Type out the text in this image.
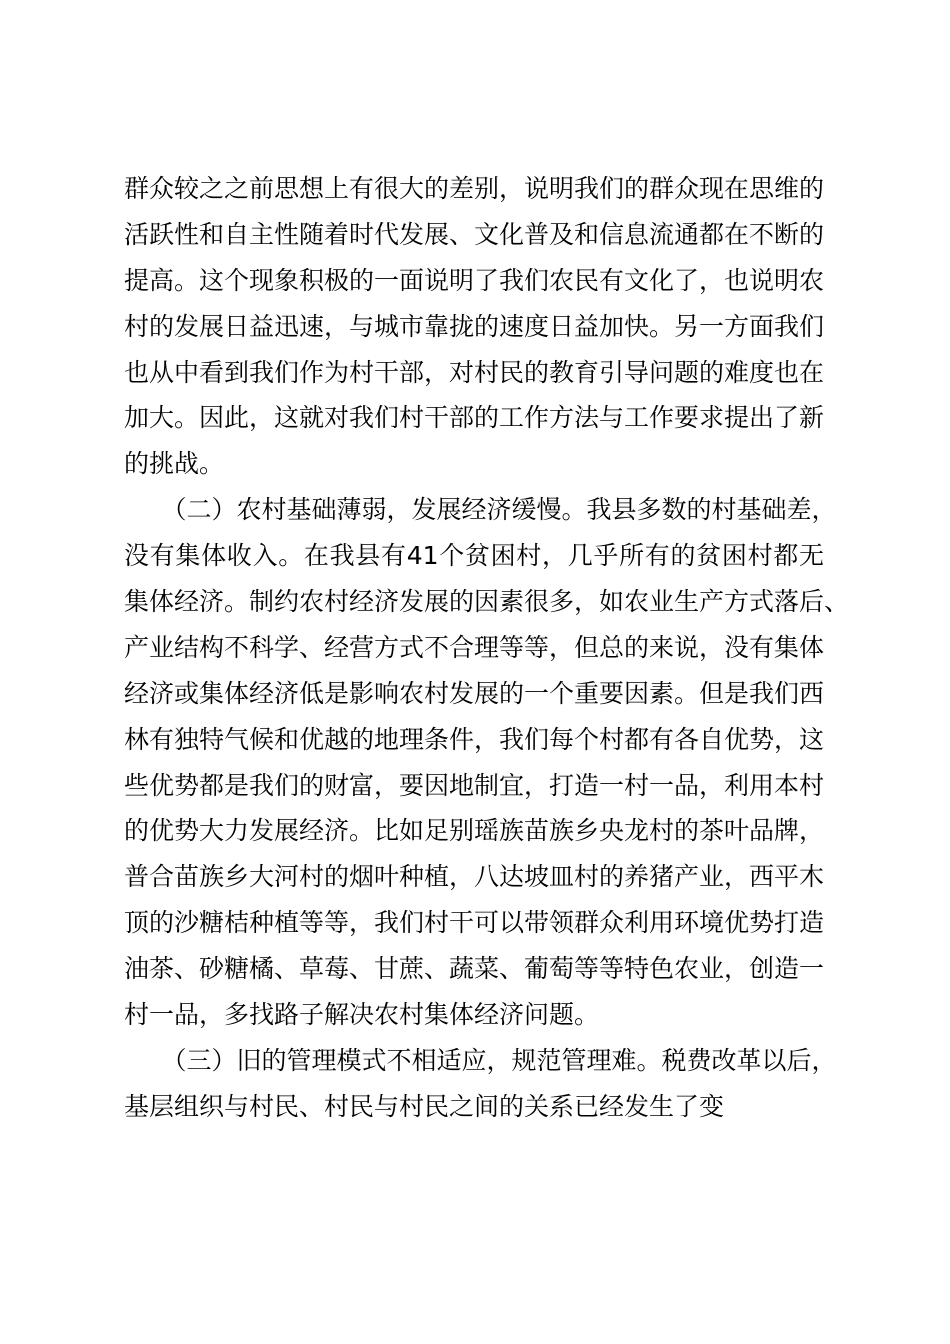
群众较之之前思想上有很大的差别，说明我们的群众现在思维的
活跃性和自主性随着时代发展、文化普及和信息流通都在不断的
提高。这个现象积极的一面说明了我们农民有文化了，也说明农
村的发展日益迅速，与城市靠拢的速度日益加快。另一方面我们
也从中看到我们作为村干部，对村民的教育引导问题的难度也在
加大。因此，这就对我们村干部的工作方法与工作要求提出了新
的挑战。
　　（二）农村基础薄弱，发展经济缓慢。我县多数的村基础差，
没有集体收入。在我县有41个贫困村，几乎所有的贫困村都无
集体经济。制约农村经济发展的因素很多，如农业生产方式落后、
产业结构不科学、经营方式不合理等等，但总的来说，没有集体
经济或集体经济低是影响农村发展的一个重要因素。但是我们西
林有独特气候和优越的地理条件，我们每个村都有各自优势，这
些优势都是我们的财富，要因地制宜，打造一村一品，利用本村
的优势大力发展经济。比如足别瑶族苗族乡央龙村的茶叶品牌，
普合苗族乡大河村的烟叶种植，八达坡皿村的养猪产业，西平木
顶的沙糖桔种植等等，我们村干可以带领群众利用环境优势打造
油茶、砂糖橘、草莓、甘蔗、蔬菜、葡萄等等特色农业，创造一
村一品，多找路子解决农村集体经济问题。
　　（三）旧的管理模式不相适应，规范管理难。税费改革以后，
基层组织与村民、村民与村民之间的关系已经发生了变
